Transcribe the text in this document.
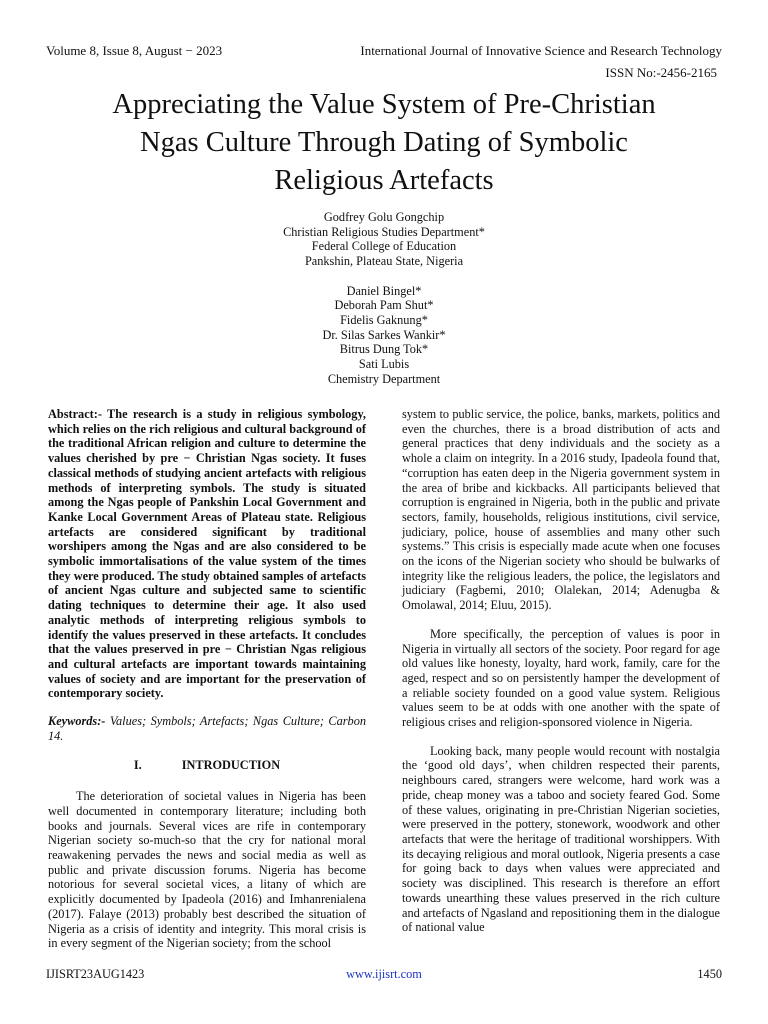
Volume 8, Issue 8, August − 2023	International Journal of Innovative Science and Research Technology
ISSN No:-2456-2165
Appreciating the Value System of Pre-Christian
Ngas Culture Through Dating of Symbolic
Religious Artefacts
Godfrey Golu Gongchip
Christian Religious Studies Department*
Federal College of Education
Pankshin, Plateau State, Nigeria
Daniel Bingel*
Deborah Pam Shut*
Fidelis Gaknung*
Dr. Silas Sarkes Wankir*
Bitrus Dung Tok*
Sati Lubis
Chemistry Department

Abstract:- The research is a study in religious symbology, which relies on the rich religious and cultural background of the traditional African religion and culture to determine the values cherished by pre − Christian Ngas society. It fuses classical methods of studying ancient artefacts with religious methods of interpreting symbols. The study is situated among the Ngas people of Pankshin Local Government and Kanke Local Government Areas of Plateau state. Religious artefacts are considered significant by traditional worshipers among the Ngas and are also considered to be symbolic immortalisations of the value system of the times they were produced. The study obtained samples of artefacts of ancient Ngas culture and subjected same to scientific dating techniques to determine their age. It also used analytic methods of interpreting religious symbols to identify the values preserved in these artefacts. It concludes that the values preserved in pre − Christian Ngas religious and cultural artefacts are important towards maintaining values of society and are important for the preservation of contemporary society.

Keywords:- Values; Symbols; Artefacts; Ngas Culture; Carbon 14.

I.	INTRODUCTION

The deterioration of societal values in Nigeria has been well documented in contemporary literature; including both books and journals. Several vices are rife in contemporary Nigerian society so-much-so that the cry for national moral reawakening pervades the news and social media as well as public and private discussion forums. Nigeria has become notorious for several societal vices, a litany of which are explicitly documented by Ipadeola (2016) and Imhanrenialena (2017). Falaye (2013) probably best described the situation of Nigeria as a crisis of identity and integrity. This moral crisis is in every segment of the Nigerian society; from the school

system to public service, the police, banks, markets, politics and even the churches, there is a broad distribution of acts and general practices that deny individuals and the society as a whole a claim on integrity. In a 2016 study, Ipadeola found that, “corruption has eaten deep in the Nigeria government system in the area of bribe and kickbacks. All participants believed that corruption is engrained in Nigeria, both in the public and private sectors, family, households, religious institutions, civil service, judiciary, police, house of assemblies and many other such systems.” This crisis is especially made acute when one focuses on the icons of the Nigerian society who should be bulwarks of integrity like the religious leaders, the police, the legislators and judiciary (Fagbemi, 2010; Olalekan, 2014; Adenugba & Omolawal, 2014; Eluu, 2015).

More specifically, the perception of values is poor in Nigeria in virtually all sectors of the society. Poor regard for age old values like honesty, loyalty, hard work, family, care for the aged, respect and so on persistently hamper the development of a reliable society founded on a good value system. Religious values seem to be at odds with one another with the spate of religious crises and religion-sponsored violence in Nigeria.

Looking back, many people would recount with nostalgia the ‘good old days’, when children respected their parents, neighbours cared, strangers were welcome, hard work was a pride, cheap money was a taboo and society feared God. Some of these values, originating in pre-Christian Nigerian societies, were preserved in the pottery, stonework, woodwork and other artefacts that were the heritage of traditional worshippers. With its decaying religious and moral outlook, Nigeria presents a case for going back to days when values were appreciated and society was disciplined. This research is therefore an effort towards unearthing these values preserved in the rich culture and artefacts of Ngasland and repositioning them in the dialogue of national value

IJISRT23AUG1423	www.ijisrt.com	1450
